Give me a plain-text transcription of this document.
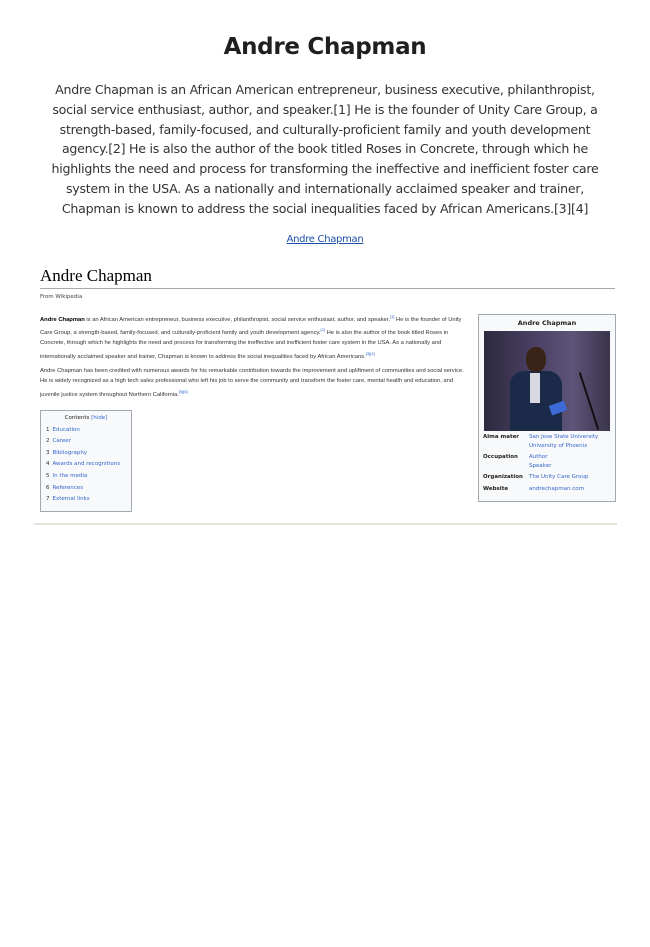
Andre Chapman
Andre Chapman is an African American entrepreneur, business executive, philanthropist, social service enthusiast, author, and speaker.[1] He is the founder of Unity Care Group, a strength-based, family-focused, and culturally-proficient family and youth development agency.[2] He is also the author of the book titled Roses in Concrete, through which he highlights the need and process for transforming the ineffective and inefficient foster care system in the USA. As a nationally and internationally acclaimed speaker and trainer, Chapman is known to address the social inequalities faced by African Americans.[3][4]
Andre Chapman
Andre Chapman
From Wikipedia

Andre Chapman is an African American entrepreneur, business executive, philanthropist, social service enthusiast, author, and speaker.[1] He is the founder of Unity Care Group, a strength-based, family-focused, and culturally-proficient family and youth development agency.[2] He is also the author of the book titled Roses in Concrete, through which he highlights the need and process for transforming the ineffective and inefficient foster care system in the USA. As a nationally and internationally acclaimed speaker and trainer, Chapman is known to address the social inequalities faced by African Americans.[3][4]

Andre Chapman has been credited with numerous awards for his remarkable contribution towards the improvement and upliftment of communities and social service. He is widely recognized as a high tech sales professional who left his job to serve the community and transform the foster care, mental health and education, and juvenile justice system throughout Northern California.[5][6]

Contents [hide]
1 Education
2 Career
3 Bibliography
4 Awards and recognitions
5 In the media
6 References
7 External links
Andre Chapman
Alma mater	San Jose State University
University of Phoenix
Occupation	Author
Speaker
Organization	The Unity Care Group
Website	andrechapman.com
